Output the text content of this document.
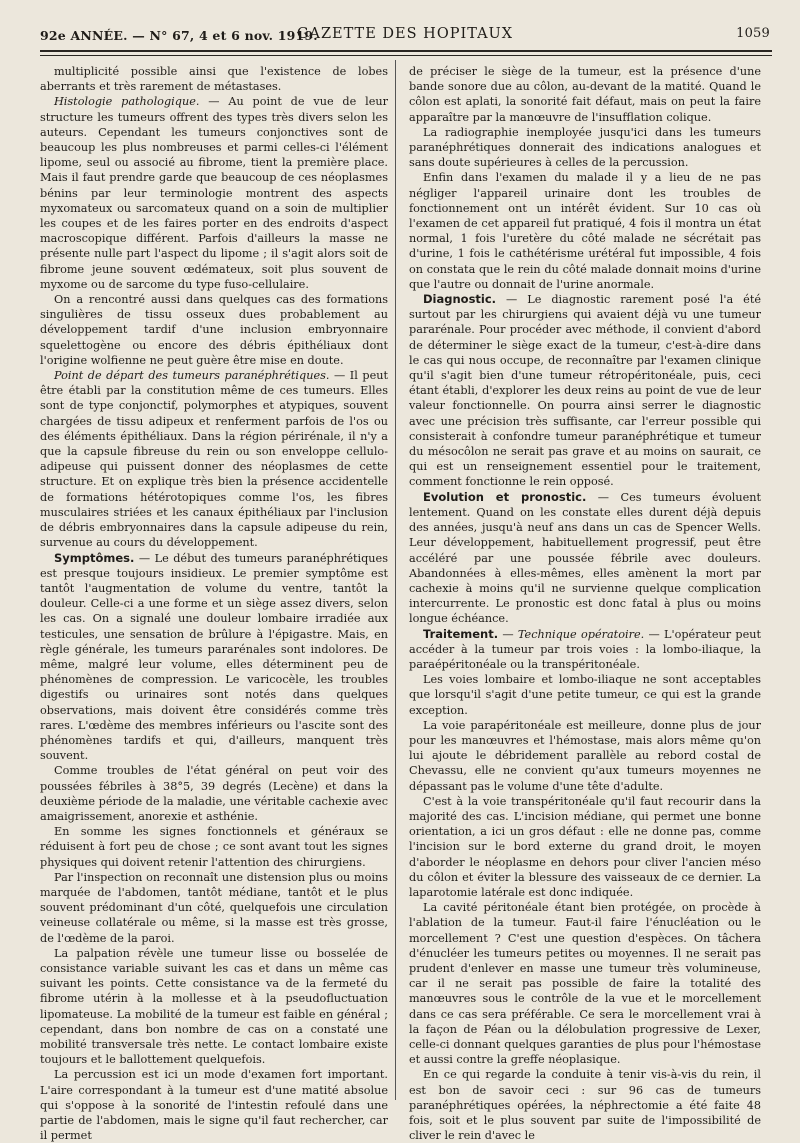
92e ANNÉE. — N° 67, 4 et 6 nov. 1919.
GAZETTE DES HOPITAUX	1059

multiplicité possible ainsi que l'existence de lobes aberrants et très rarement de métastases.

Histologie pathologique. — Au point de vue de leur structure les tumeurs offrent des types très divers selon les auteurs. Cependant les tumeurs conjonctives sont de beaucoup les plus nombreuses et parmi celles-ci l'élément lipome, seul ou associé au fibrome, tient la première place. Mais il faut prendre garde que beaucoup de ces néoplasmes bénins par leur terminologie montrent des aspects myxomateux ou sarcomateux quand on a soin de multiplier les coupes et de les faires porter en des endroits d'aspect macroscopique différent. Parfois d'ailleurs la masse ne présente nulle part l'aspect du lipome ; il s'agit alors soit de fibrome jeune souvent œdémateux, soit plus souvent de myxome ou de sarcome du type fuso-cellulaire.

On a rencontré aussi dans quelques cas des formations singulières de tissu osseux dues probablement au développement tardif d'une inclusion embryonnaire squelettogène ou encore des débris épithéliaux dont l'origine wolfienne ne peut guère être mise en doute.

Point de départ des tumeurs paranéphrétiques. — Il peut être établi par la constitution même de ces tumeurs. Elles sont de type conjonctif, polymorphes et atypiques, souvent chargées de tissu adipeux et renferment parfois de l'os ou des éléments épithéliaux. Dans la région périrénale, il n'y a que la capsule fibreuse du rein ou son enveloppe cellulo-adipeuse qui puissent donner des néoplasmes de cette structure. Et on explique très bien la présence accidentelle de formations hétérotopiques comme l'os, les fibres musculaires striées et les canaux épithéliaux par l'inclusion de débris embryonnaires dans la capsule adipeuse du rein, survenue au cours du développement.

Symptômes. — Le début des tumeurs paranéphrétiques est presque toujours insidieux. Le premier symptôme est tantôt l'augmentation de volume du ventre, tantôt la douleur. Celle-ci a une forme et un siège assez divers, selon les cas. On a signalé une douleur lombaire irradiée aux testicules, une sensation de brûlure à l'épigastre. Mais, en règle générale, les tumeurs pararénales sont indolores. De même, malgré leur volume, elles déterminent peu de phénomènes de compression. Le varicocèle, les troubles digestifs ou urinaires sont notés dans quelques observations, mais doivent être considérés comme très rares. L'œdème des membres inférieurs ou l'ascite sont des phénomènes tardifs et qui, d'ailleurs, manquent très souvent.

Comme troubles de l'état général on peut voir des poussées fébriles à 38°5, 39 degrés (Lecène) et dans la deuxième période de la maladie, une véritable cachexie avec amaigrissement, anorexie et asthénie.

En somme les signes fonctionnels et généraux se réduisent à fort peu de chose ; ce sont avant tout les signes physiques qui doivent retenir l'attention des chirurgiens.

Par l'inspection on reconnaît une distension plus ou moins marquée de l'abdomen, tantôt médiane, tantôt et le plus souvent prédominant d'un côté, quelquefois une circulation veineuse collatérale ou même, si la masse est très grosse, de l'œdème de la paroi.

La palpation révèle une tumeur lisse ou bosselée de consistance variable suivant les cas et dans un même cas suivant les points. Cette consistance va de la fermeté du fibrome utérin à la mollesse et à la pseudofluctuation lipomateuse. La mobilité de la tumeur est faible en général ; cependant, dans bon nombre de cas on a constaté une mobilité transversale très nette. Le contact lombaire existe toujours et le ballottement quelquefois.

La percussion est ici un mode d'examen fort important. L'aire correspondant à la tumeur est d'une matité absolue qui s'oppose à la sonorité de l'intestin refoulé dans une partie de l'abdomen, mais le signe qu'il faut rechercher, car il permet

de préciser le siège de la tumeur, est la présence d'une bande sonore due au côlon, au-devant de la matité. Quand le côlon est aplati, la sonorité fait défaut, mais on peut la faire apparaître par la manœuvre de l'insufflation colique.

La radiographie inemployée jusqu'ici dans les tumeurs paranéphrétiques donnerait des indications analogues et sans doute supérieures à celles de la percussion.

Enfin dans l'examen du malade il y a lieu de ne pas négliger l'appareil urinaire dont les troubles de fonctionnement ont un intérêt évident. Sur 10 cas où l'examen de cet appareil fut pratiqué, 4 fois il montra un état normal, 1 fois l'uretère du côté malade ne sécrétait pas d'urine, 1 fois le cathétérisme urétéral fut impossible, 4 fois on constata que le rein du côté malade donnait moins d'urine que l'autre ou donnait de l'urine anormale.

Diagnostic. — Le diagnostic rarement posé l'a été surtout par les chirurgiens qui avaient déjà vu une tumeur pararénale. Pour procéder avec méthode, il convient d'abord de déterminer le siège exact de la tumeur, c'est-à-dire dans le cas qui nous occupe, de reconnaître par l'examen clinique qu'il s'agit bien d'une tumeur rétropéritonéale, puis, ceci étant établi, d'explorer les deux reins au point de vue de leur valeur fonctionnelle. On pourra ainsi serrer le diagnostic avec une précision très suffisante, car l'erreur possible qui consisterait à confondre tumeur paranéphrétique et tumeur du mésocôlon ne serait pas grave et au moins on saurait, ce qui est un renseignement essentiel pour le traitement, comment fonctionne le rein opposé.

Evolution et pronostic. — Ces tumeurs évoluent lentement. Quand on les constate elles durent déjà depuis des années, jusqu'à neuf ans dans un cas de Spencer Wells. Leur développement, habituellement progressif, peut être accéléré par une poussée fébrile avec douleurs. Abandonnées à elles-mêmes, elles amènent la mort par cachexie à moins qu'il ne survienne quelque complication intercurrente. Le pronostic est donc fatal à plus ou moins longue échéance.

Traitement. — Technique opératoire. — L'opérateur peut accéder à la tumeur par trois voies : la lombo-iliaque, la paraépéritonéale ou la transpéritonéale.

Les voies lombaire et lombo-iliaque ne sont acceptables que lorsqu'il s'agit d'une petite tumeur, ce qui est la grande exception.

La voie parapéritonéale est meilleure, donne plus de jour pour les manœuvres et l'hémostase, mais alors même qu'on lui ajoute le débridement parallèle au rebord costal de Chevassu, elle ne convient qu'aux tumeurs moyennes ne dépassant pas le volume d'une tête d'adulte.

C'est à la voie transpéritonéale qu'il faut recourir dans la majorité des cas. L'incision médiane, qui permet une bonne orientation, a ici un gros défaut : elle ne donne pas, comme l'incision sur le bord externe du grand droit, le moyen d'aborder le néoplasme en dehors pour cliver l'ancien méso du côlon et éviter la blessure des vaisseaux de ce dernier. La laparotomie latérale est donc indiquée.

La cavité péritonéale étant bien protégée, on procède à l'ablation de la tumeur. Faut-il faire l'énucléation ou le morcellement ? C'est une question d'espèces. On tâchera d'énucléer les tumeurs petites ou moyennes. Il ne serait pas prudent d'enlever en masse une tumeur très volumineuse, car il ne serait pas possible de faire la totalité des manœuvres sous le contrôle de la vue et le morcellement dans ce cas sera préférable. Ce sera le morcellement vrai à la façon de Péan ou la délobulation progressive de Lexer, celle-ci donnant quelques garanties de plus pour l'hémostase et aussi contre la greffe néoplasique.

En ce qui regarde la conduite à tenir vis-à-vis du rein, il est bon de savoir ceci : sur 96 cas de tumeurs paranéphrétiques opérées, la néphrectomie a été faite 48 fois, soit et le plus souvent par suite de l'impossibilité de cliver le rein d'avec le
